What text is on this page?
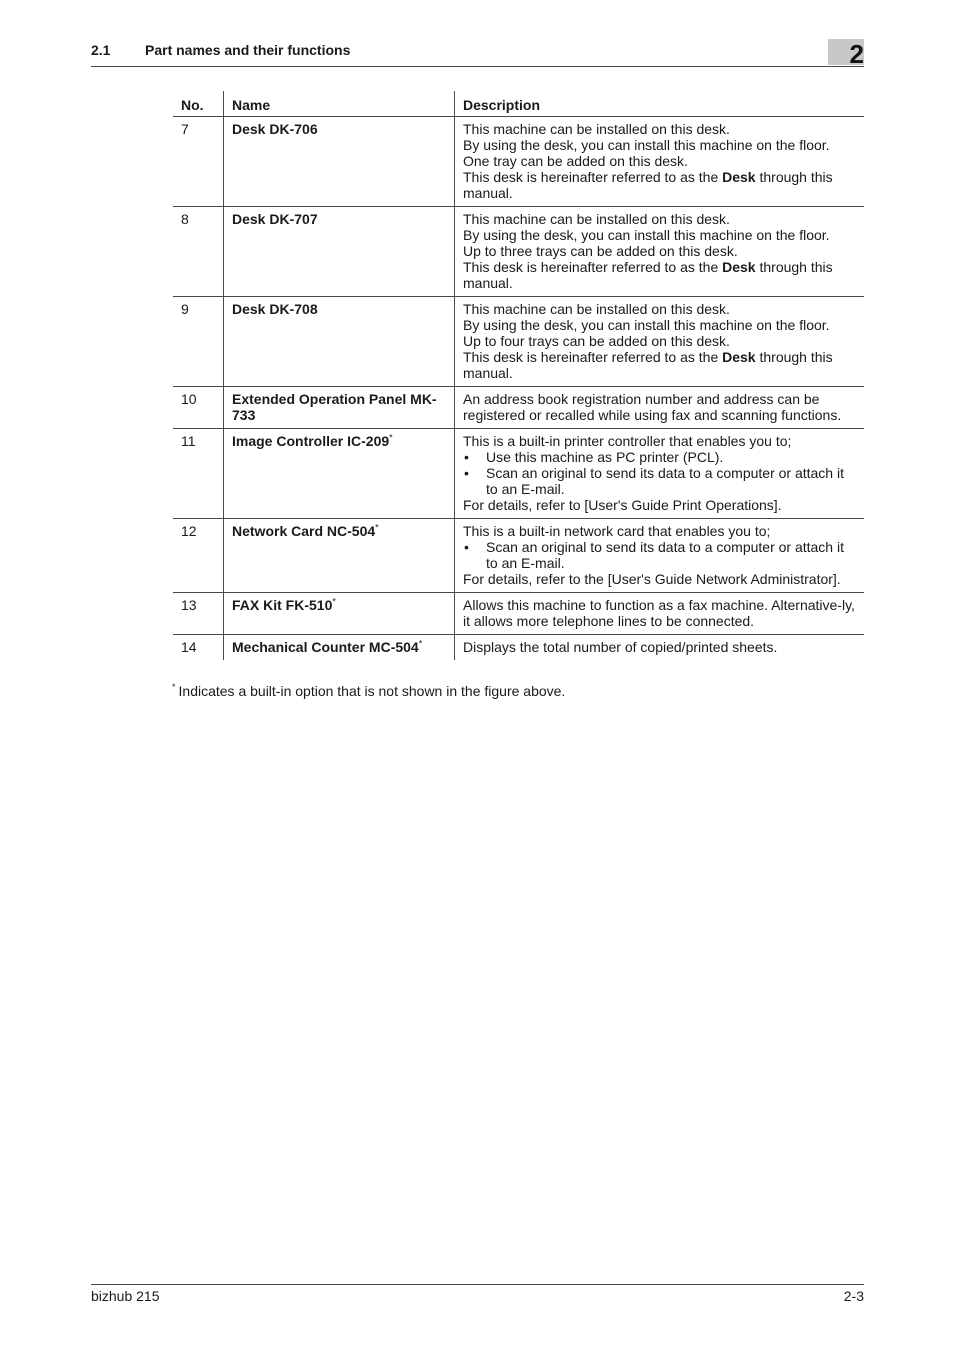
2.1 Part names and their functions	2
No.	Name	Description
7	Desk DK-706	This machine can be installed on this desk.
By using the desk, you can install this machine on the floor.
One tray can be added on this desk.
This desk is hereinafter referred to as the Desk through this manual.

8	Desk DK-707	This machine can be installed on this desk.
By using the desk, you can install this machine on the floor.
Up to three trays can be added on this desk.
This desk is hereinafter referred to as the Desk through this manual.

9	Desk DK-708	This machine can be installed on this desk.
By using the desk, you can install this machine on the floor.
Up to four trays can be added on this desk.
This desk is hereinafter referred to as the Desk through this manual.

10	Extended Operation Panel MK-733	An address book registration number and address can be registered or recalled while using fax and scanning functions.

11	Image Controller IC-209*	This is a built-in printer controller that enables you to;
• Use this machine as PC printer (PCL).
• Scan an original to send its data to a computer or attach it to an E-mail.
For details, refer to [User's Guide Print Operations].

12	Network Card NC-504*	This is a built-in network card that enables you to;
• Scan an original to send its data to a computer or attach it to an E-mail.
For details, refer to the [User's Guide Network Administrator].

13	FAX Kit FK-510*	Allows this machine to function as a fax machine. Alternative-ly, it allows more telephone lines to be connected.

14	Mechanical Counter MC-504*	Displays the total number of copied/printed sheets.
* Indicates a built-in option that is not shown in the figure above.
bizhub 215	2-3
